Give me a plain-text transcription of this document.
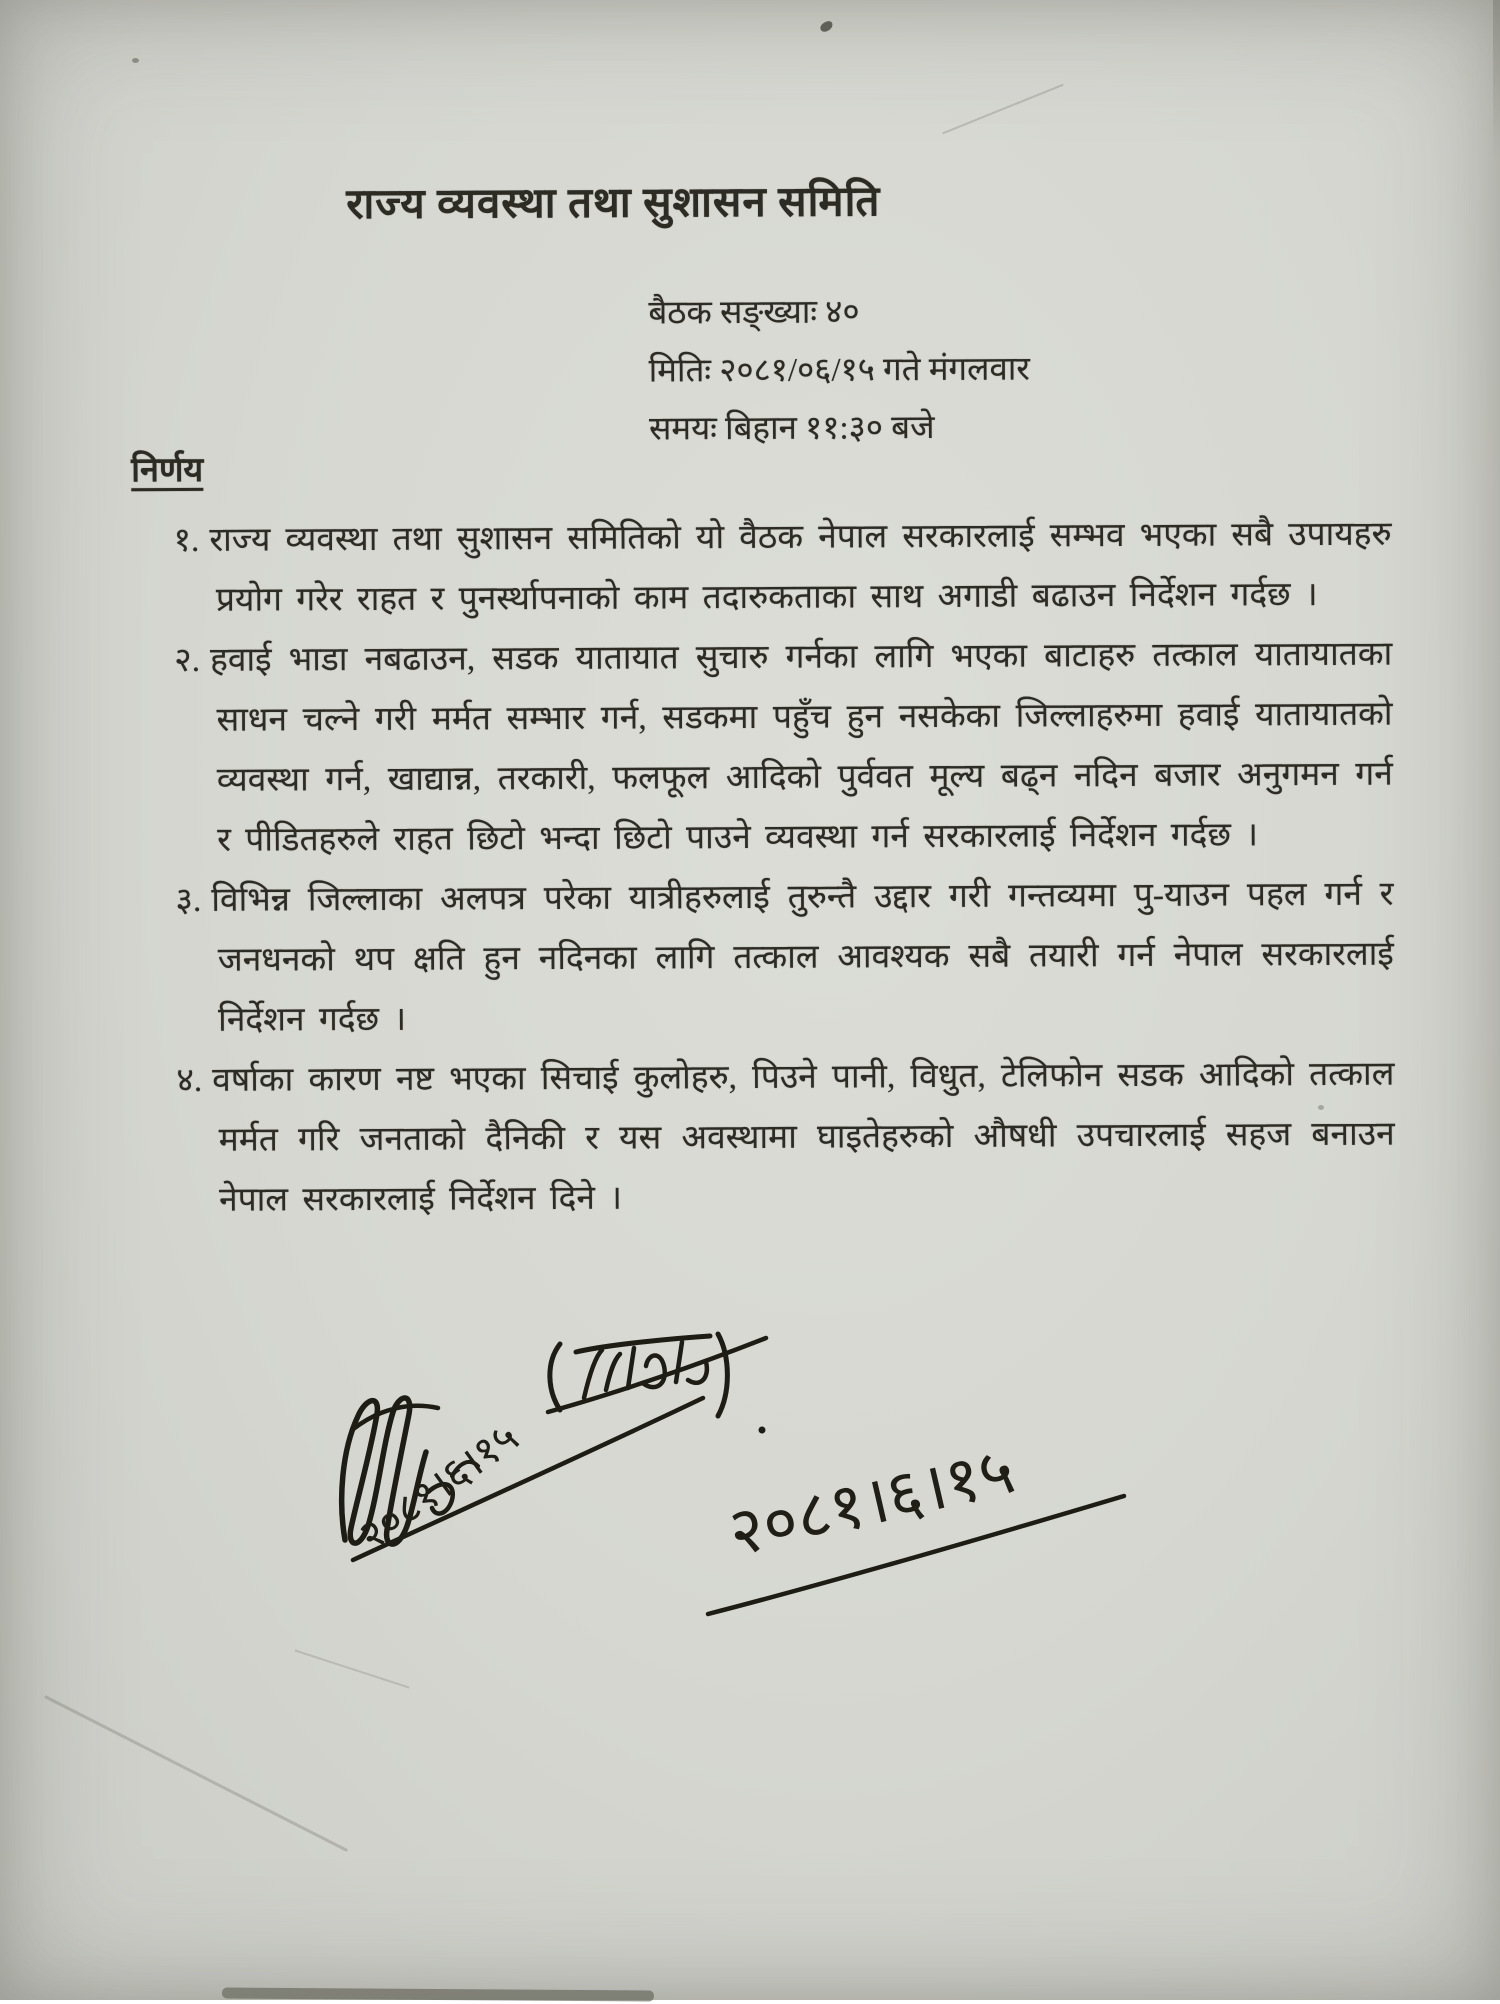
राज्य व्यवस्था तथा सुशासन समिति
बैठक सङ्ख्याः ४०
मितिः २०८१/०६/१५ गते मंगलवार
समयः बिहान ११:३० बजे
निर्णय
१. राज्य व्यवस्था तथा सुशासन समितिको यो वैठक नेपाल सरकारलाई सम्भव भएका सबै उपायहरु प्रयोग गरेर राहत र पुनर्स्थापनाको काम तदारुकताका साथ अगाडी बढाउन निर्देशन गर्दछ ।
२. हवाई भाडा नबढाउन, सडक यातायात सुचारु गर्नका लागि भएका बाटाहरु तत्काल यातायातका साधन चल्ने गरी मर्मत सम्भार गर्न, सडकमा पहुँच हुन नसकेका जिल्लाहरुमा हवाई यातायातको व्यवस्था गर्न, खाद्यान्न, तरकारी, फलफूल आदिको पुर्ववत मूल्य बढ्न नदिन बजार अनुगमन गर्न र पीडितहरुले राहत छिटो भन्दा छिटो पाउने व्यवस्था गर्न सरकारलाई निर्देशन गर्दछ ।
३. विभिन्न जिल्लाका अलपत्र परेका यात्रीहरुलाई तुरुन्तै उद्दार गरी गन्तव्यमा पु-याउन पहल गर्न र जनधनको थप क्षति हुन नदिनका लागि तत्काल आवश्यक सबै तयारी गर्न नेपाल सरकारलाई निर्देशन गर्दछ ।
४. वर्षाका कारण नष्ट भएका सिचाई कुलोहरु, पिउने पानी, विधुत, टेलिफोन सडक आदिको तत्काल मर्मत गरि जनताको दैनिकी र यस अवस्थामा घाइतेहरुको औषधी उपचारलाई सहज बनाउन नेपाल सरकारलाई निर्देशन दिने ।
२०८१।६।१५	२०८१।६।१५
